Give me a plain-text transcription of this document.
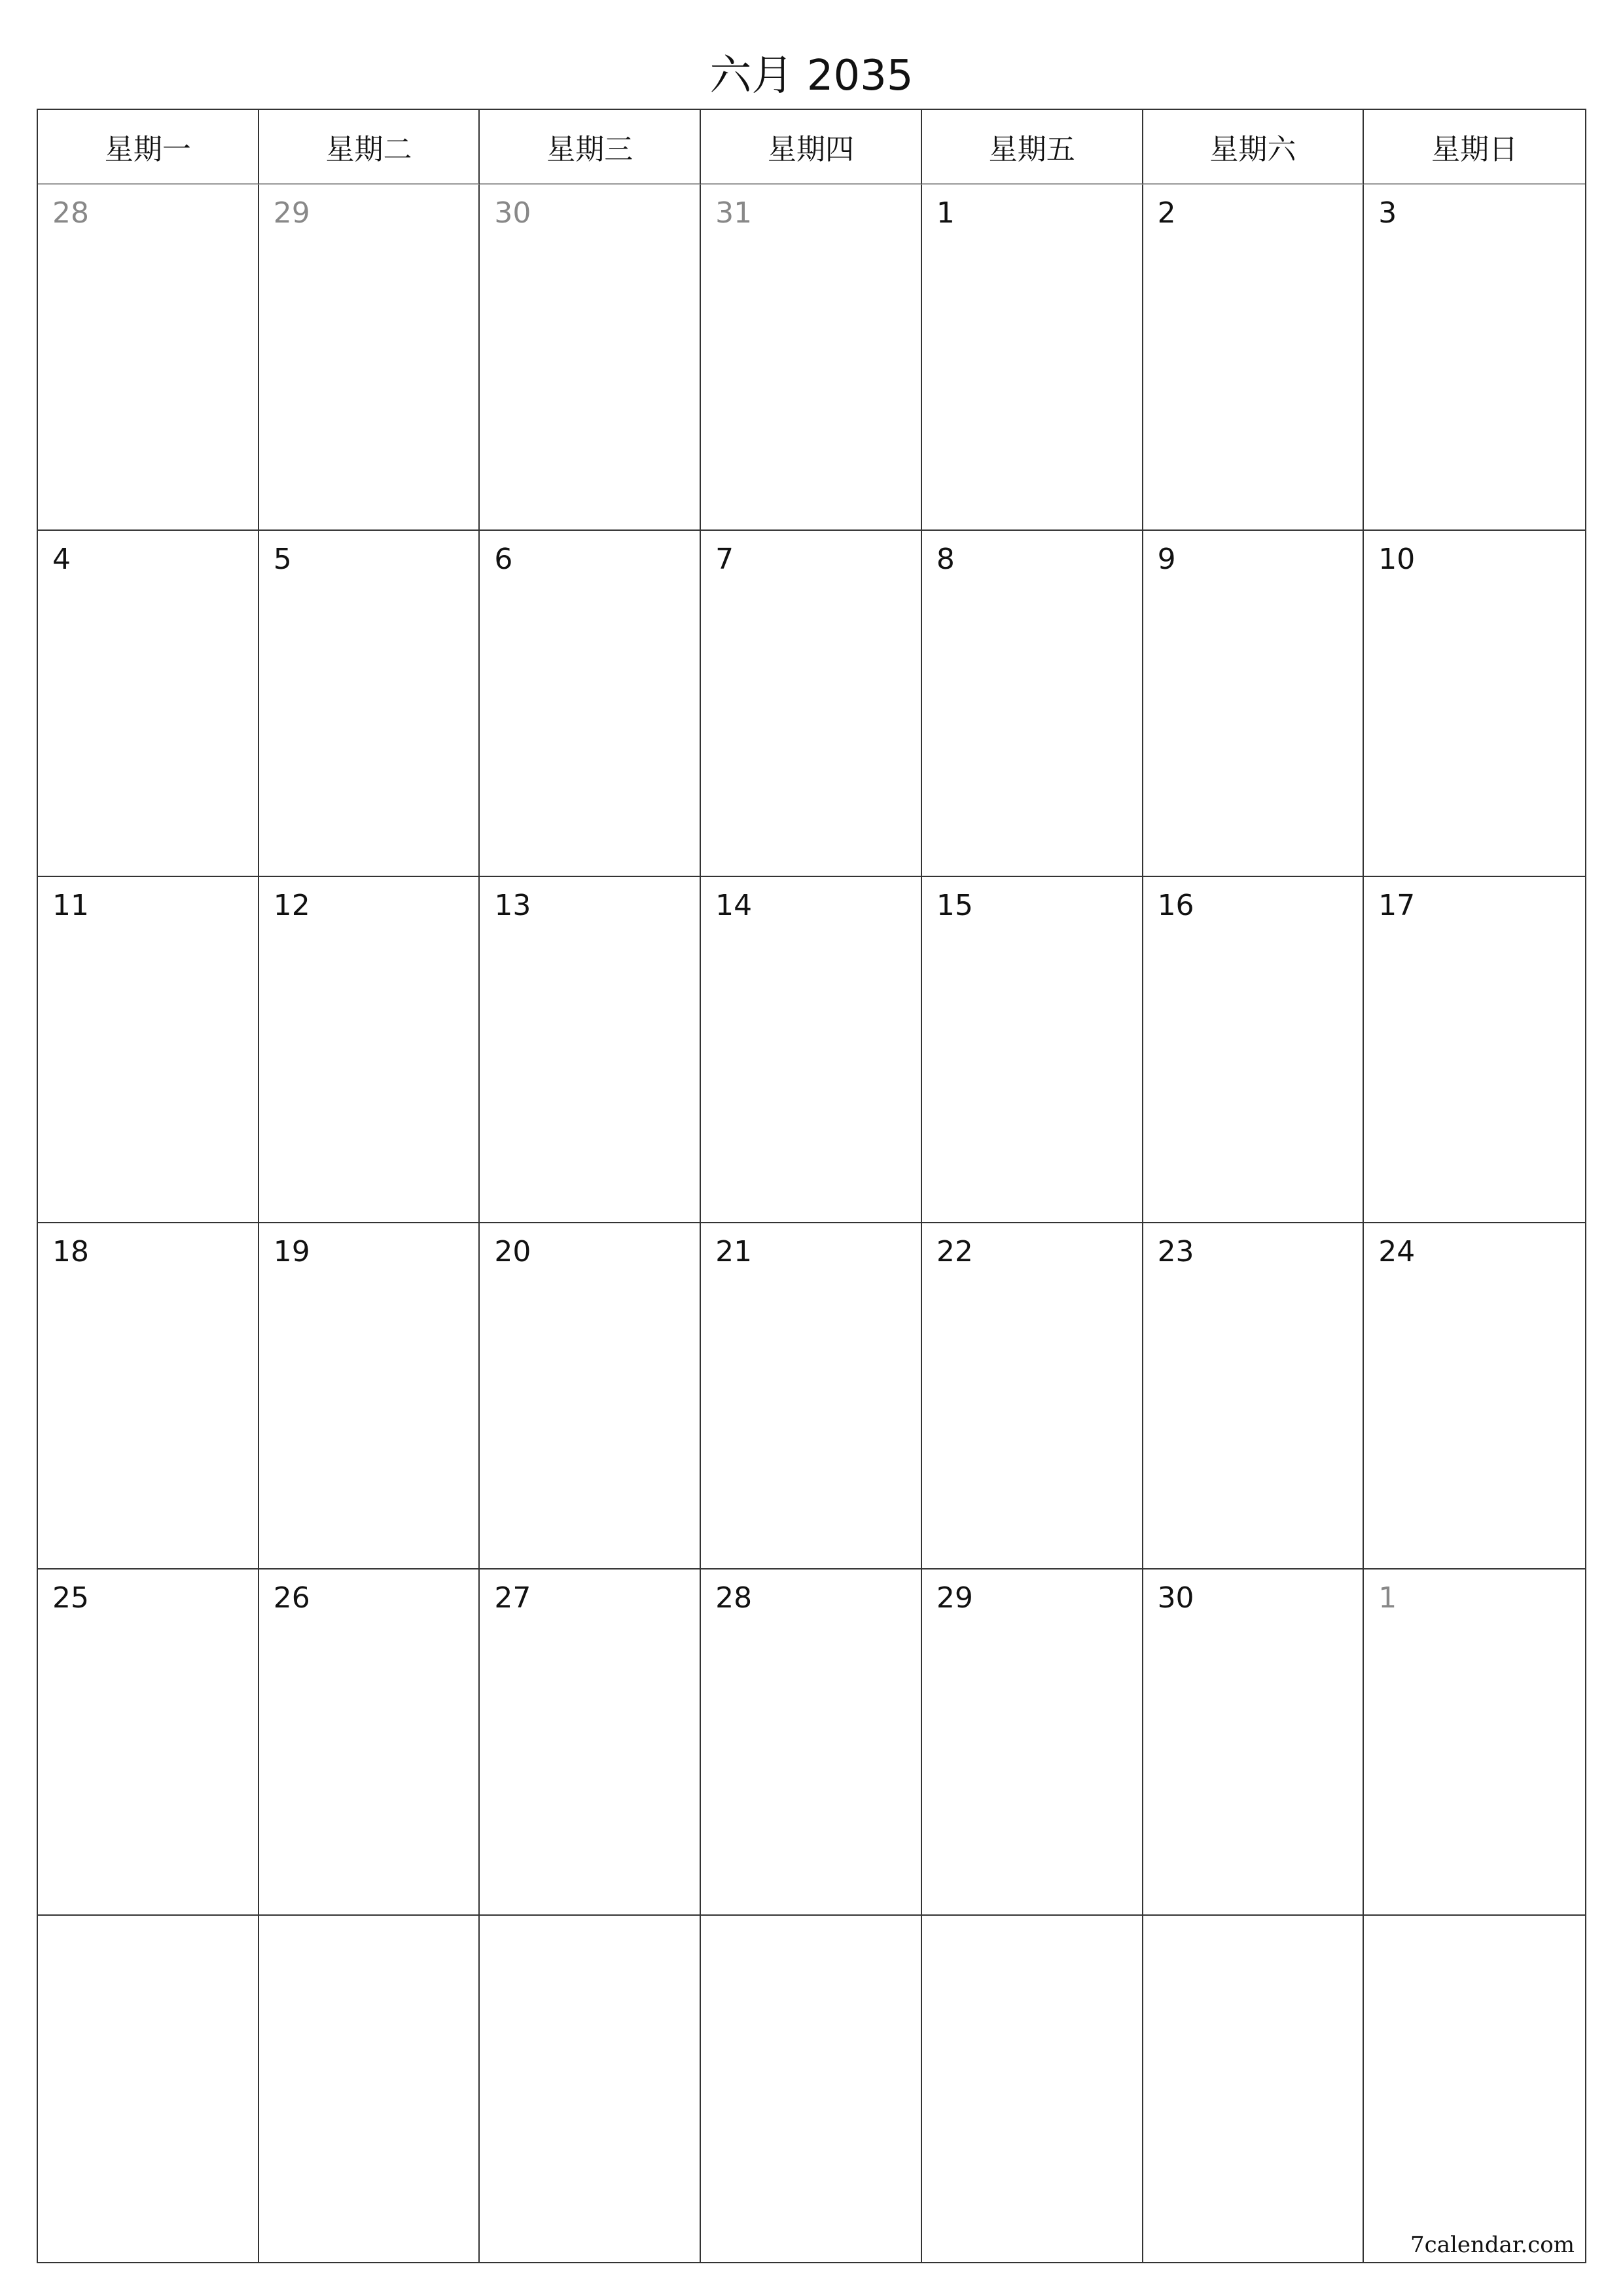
六月 2035
星期一	星期二	星期三	星期四	星期五	星期六	星期日
28	29	30	31	1	2	3
4	5	6	7	8	9	10
11	12	13	14	15	16	17
18	19	20	21	22	23	24
25	26	27	28	29	30	1
7calendar.com
